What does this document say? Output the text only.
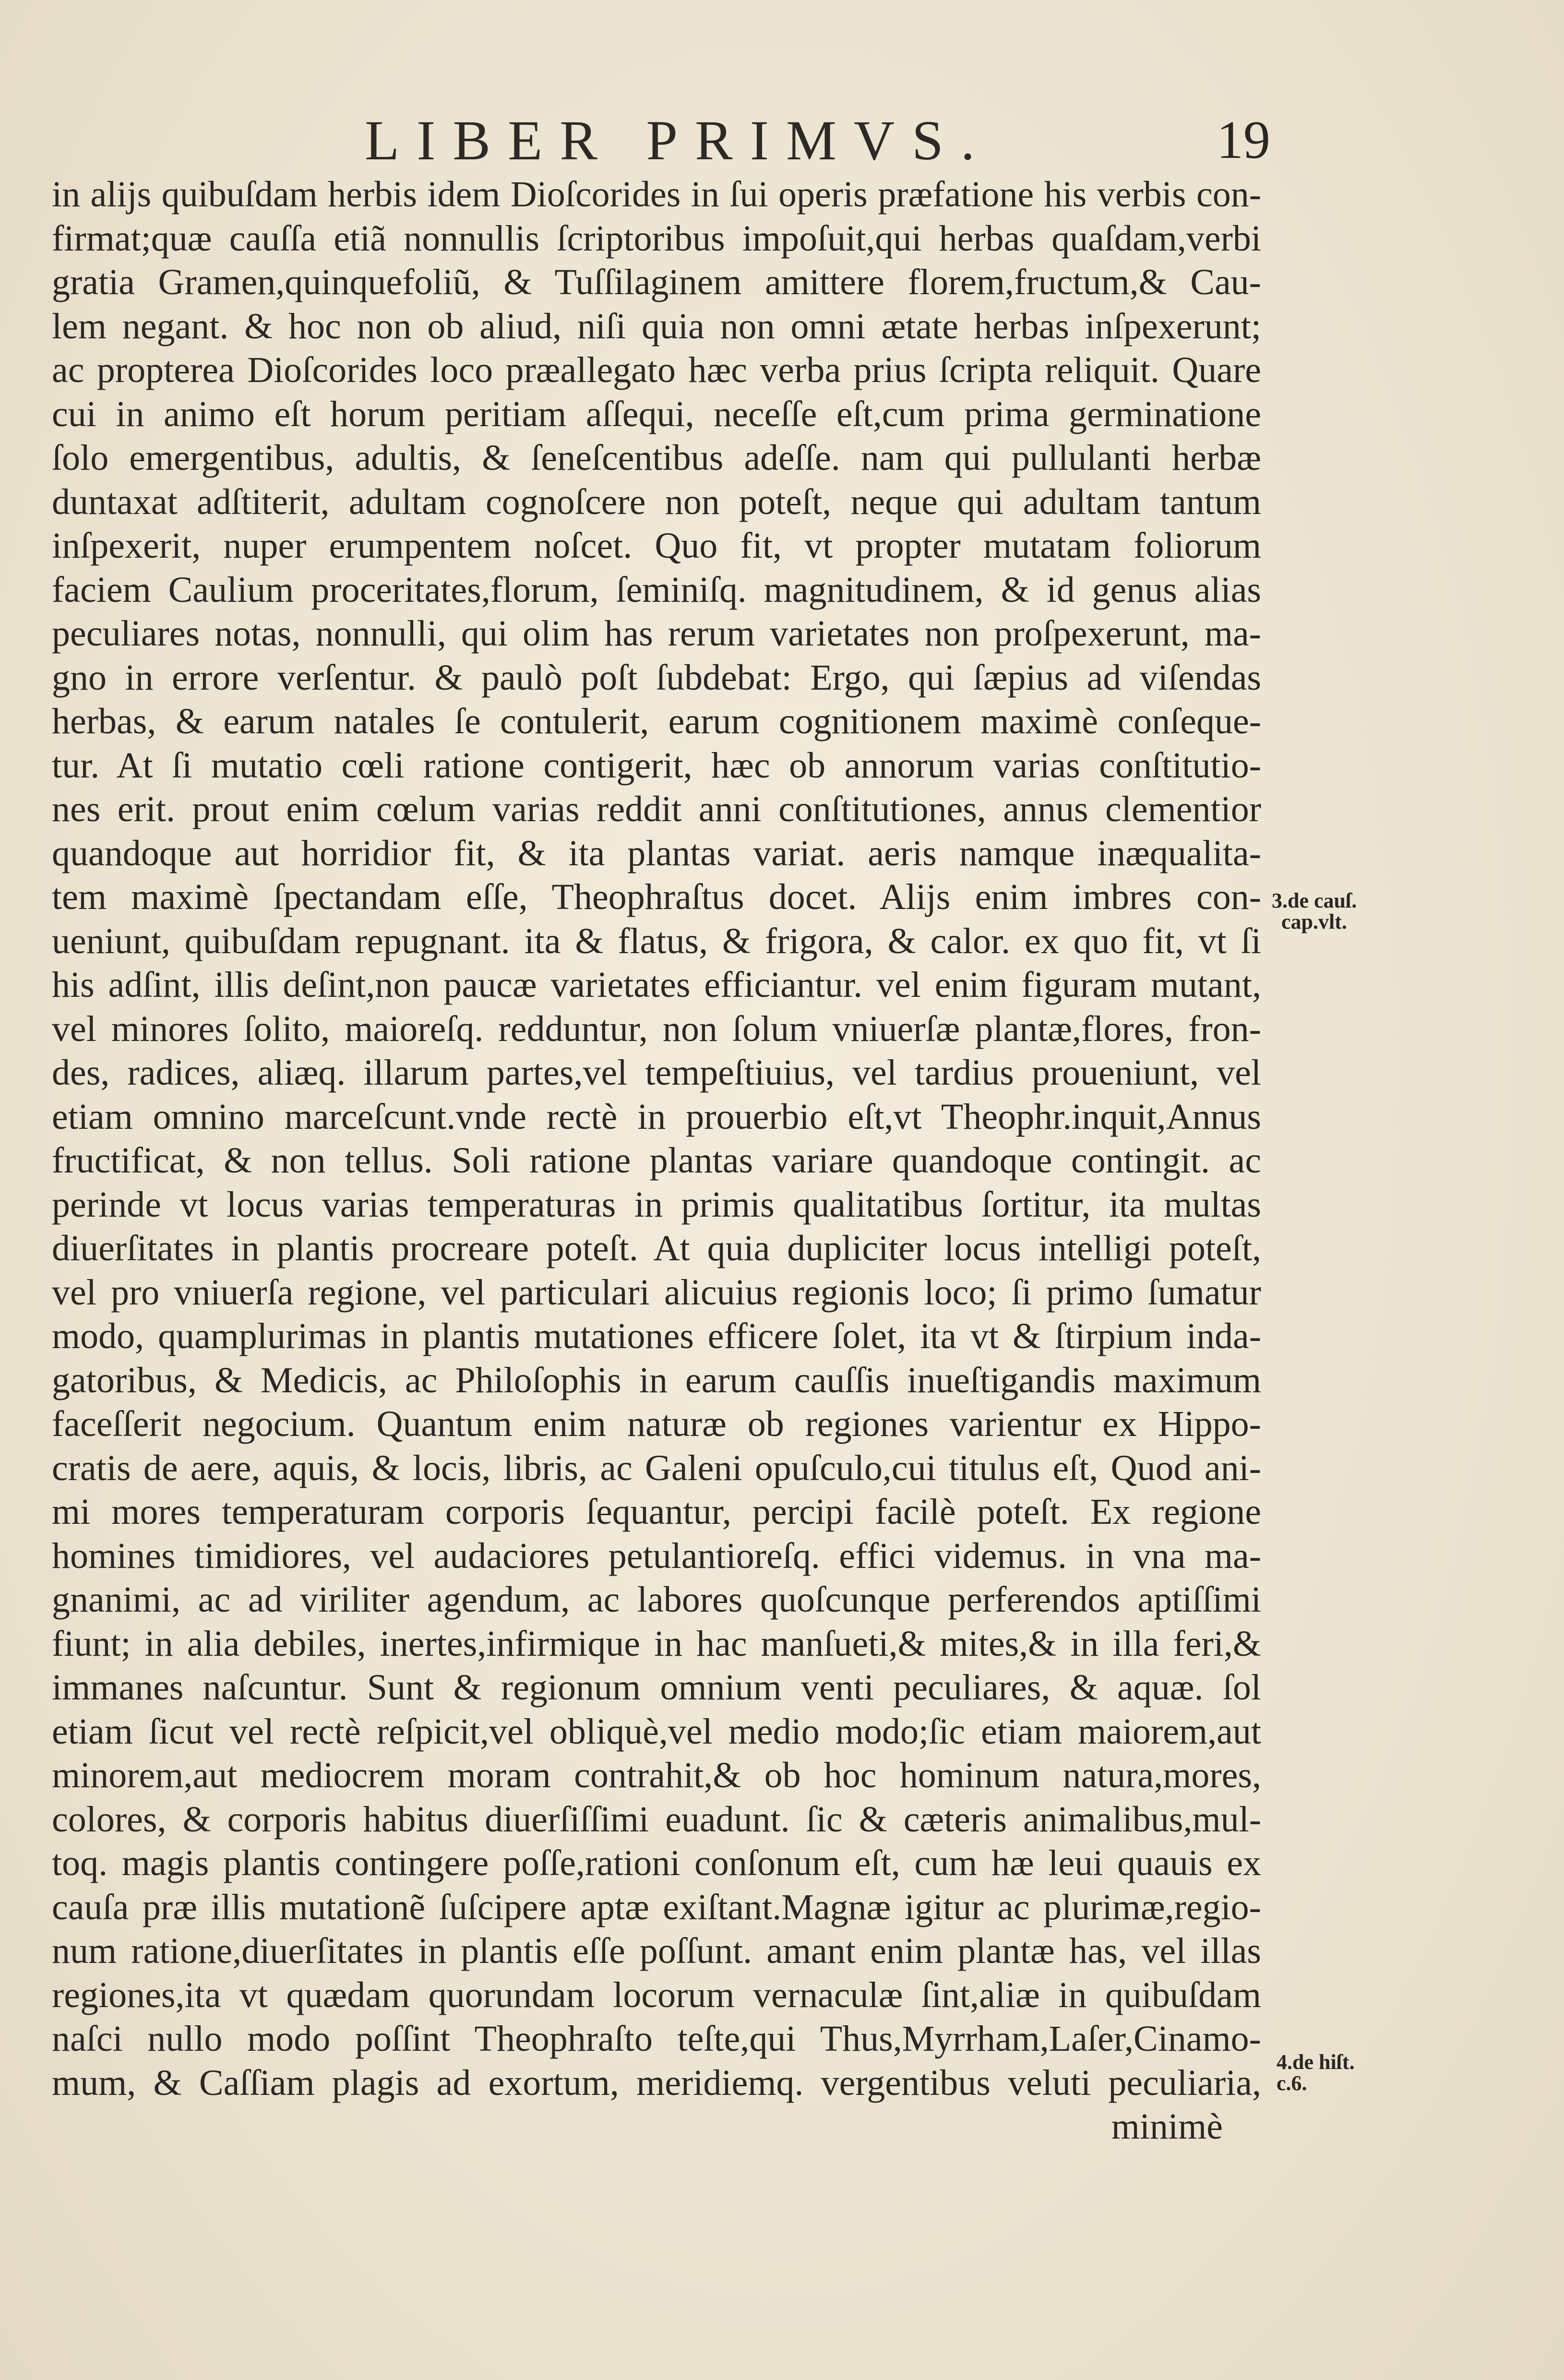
LIBER PRIMVS.	19
in alijs quibuſdam herbis idem Dioſcorides in ſui operis præfatione his verbis con-
firmat;quæ cauſſa etiã nonnullis ſcriptoribus impoſuit,qui herbas quaſdam,verbi
gratia Gramen,quinquefoliũ, & Tuſſilaginem amittere florem,fructum,& Cau-
lem negant. & hoc non ob aliud, niſi quia non omni ætate herbas inſpexerunt;
ac propterea Dioſcorides loco præallegato hæc verba prius ſcripta reliquit. Quare
cui in animo eſt horum peritiam aſſequi, neceſſe eſt,cum prima germinatione
ſolo emergentibus, adultis, & ſeneſcentibus adeſſe. nam qui pullulanti herbæ
duntaxat adſtiterit, adultam cognoſcere non poteſt, neque qui adultam tantum
inſpexerit, nuper erumpentem noſcet. Quo fit, vt propter mutatam foliorum
faciem Caulium proceritates,florum, ſeminiſq. magnitudinem, & id genus alias
peculiares notas, nonnulli, qui olim has rerum varietates non proſpexerunt, ma-
gno in errore verſentur. & paulò poſt ſubdebat: Ergo, qui ſæpius ad viſendas
herbas, & earum natales ſe contulerit, earum cognitionem maximè conſeque-
tur. At ſi mutatio cœli ratione contigerit, hæc ob annorum varias conſtitutio-
nes erit. prout enim cœlum varias reddit anni conſtitutiones, annus clementior
quandoque aut horridior fit, & ita plantas variat. aeris namque inæqualita-
tem maximè ſpectandam eſſe, Theophraſtus docet. Alijs enim imbres con-
ueniunt, quibuſdam repugnant. ita & flatus, & frigora, & calor. ex quo fit, vt ſi
his adſint, illis deſint,non paucæ varietates efficiantur. vel enim figuram mutant,
vel minores ſolito, maioreſq. redduntur, non ſolum vniuerſæ plantæ,flores, fron-
des, radices, aliæq. illarum partes,vel tempeſtiuius, vel tardius proueniunt, vel
etiam omnino marceſcunt.vnde rectè in prouerbio eſt,vt Theophr.inquit,Annus
fructificat, & non tellus. Soli ratione plantas variare quandoque contingit. ac
perinde vt locus varias temperaturas in primis qualitatibus ſortitur, ita multas
diuerſitates in plantis procreare poteſt. At quia dupliciter locus intelligi poteſt,
vel pro vniuerſa regione, vel particulari alicuius regionis loco; ſi primo ſumatur
modo, quamplurimas in plantis mutationes efficere ſolet, ita vt & ſtirpium inda-
gatoribus, & Medicis, ac Philoſophis in earum cauſſis inueſtigandis maximum
faceſſerit negocium. Quantum enim naturæ ob regiones varientur ex Hippo-
cratis de aere, aquis, & locis, libris, ac Galeni opuſculo,cui titulus eſt, Quod ani-
mi mores temperaturam corporis ſequantur, percipi facilè poteſt. Ex regione
homines timidiores, vel audaciores petulantioreſq. effici videmus. in vna ma-
gnanimi, ac ad viriliter agendum, ac labores quoſcunque perferendos aptiſſimi
fiunt; in alia debiles, inertes,infirmique in hac manſueti,& mites,& in illa feri,&
immanes naſcuntur. Sunt & regionum omnium venti peculiares, & aquæ. ſol
etiam ſicut vel rectè reſpicit,vel obliquè,vel medio modo;ſic etiam maiorem,aut
minorem,aut mediocrem moram contrahit,& ob hoc hominum natura,mores,
colores, & corporis habitus diuerſiſſimi euadunt. ſic & cæteris animalibus,mul-
toq. magis plantis contingere poſſe,rationi conſonum eſt, cum hæ leui quauis ex
cauſa præ illis mutationẽ ſuſcipere aptæ exiſtant.Magnæ igitur ac plurimæ,regio-
num ratione,diuerſitates in plantis eſſe poſſunt. amant enim plantæ has, vel illas
regiones,ita vt quædam quorundam locorum vernaculæ ſint,aliæ in quibuſdam
naſci nullo modo poſſint Theophraſto teſte,qui Thus,Myrrham,Laſer,Cinamo-
mum, & Caſſiam plagis ad exortum, meridiemq. vergentibus veluti peculiaria,
minimè
3.de cauſ.
cap.vlt.
4.de hiſt.
c.6.
